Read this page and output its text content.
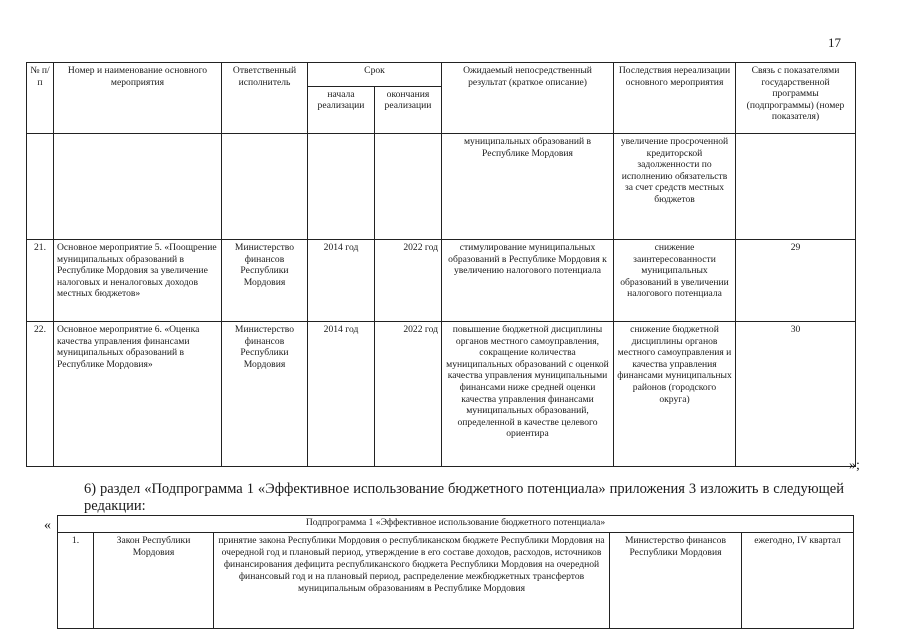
17
№ п/п	Номер и наименование основного мероприятия	Ответственный исполнитель	Срок		Ожидаемый непосредственный результат (краткое описание)	Последствия нереализации основного мероприятия	Связь с показателями государственной программы (подпрограммы) (номер показателя)
			начала реализации	окончания реализации			
					муниципальных образований в Республике Мордовия	увеличение просроченной кредиторской задолженности по исполнению обязательств за счет средств местных бюджетов	
21.	Основное мероприятие 5. «Поощрение муниципальных образований в Республике Мордовия за увеличение налоговых и неналоговых доходов местных бюджетов»	Министерство финансов Республики Мордовия	2014 год	2022 год	стимулирование муниципальных образований в Республике Мордовия к увеличению налогового потенциала	снижение заинтересованности муниципальных образований в увеличении налогового потенциала	29
22.	Основное мероприятие 6. «Оценка качества управления финансами муниципальных образований в Республике Мордовия»	Министерство финансов Республики Мордовия	2014 год	2022 год	повышение бюджетной дисциплины органов местного самоуправления, сокращение количества муниципальных образований с оценкой качества управления муниципальными финансами ниже средней оценки качества управления финансами муниципальных образований, определенной в качестве целевого ориентира	снижение бюджетной дисциплины органов местного самоуправления и качества управления финансами муниципальных районов (городского округа)	30
»;
6) раздел «Подпрограмма 1 «Эффективное использование бюджетного потенциала» приложения 3 изложить в следующей редакции:
«	Подпрограмма 1 «Эффективное использование бюджетного потенциала»
1.	Закон Республики Мордовия	принятие закона Республики Мордовия о республиканском бюджете Республики Мордовия на очередной год и плановый период, утверждение в его составе доходов, расходов, источников финансирования дефицита республиканского бюджета Республики Мордовия на очередной финансовый год и на плановый период, распределение межбюджетных трансфертов муниципальным образованиям в Республике Мордовия	Министерство финансов Республики Мордовия	ежегодно, IV квартал
